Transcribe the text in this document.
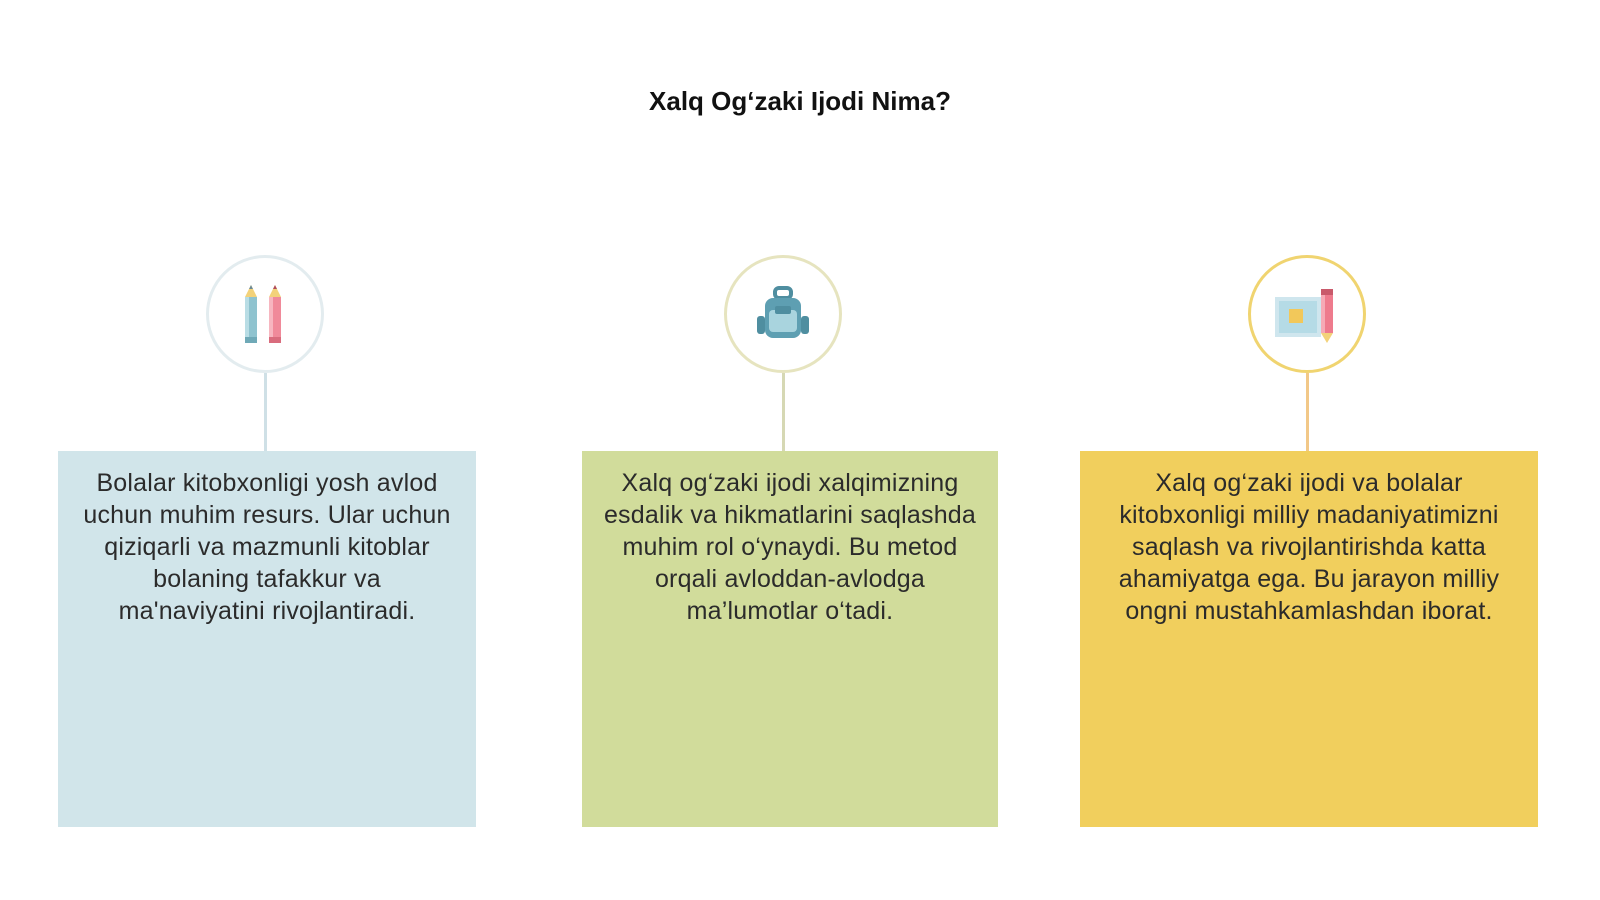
Xalq Og‘zaki Ijodi Nima?
Bolalar kitobxonligi yosh avlod uchun muhim resurs. Ular uchun qiziqarli va mazmunli kitoblar bolaning tafakkur va ma'naviyatini rivojlantiradi.
Xalq og‘zaki ijodi xalqimizning esdalik va hikmatlarini saqlashda muhim rol o‘ynaydi. Bu metod orqali avloddan-avlodga ma’lumotlar o‘tadi.
Xalq og‘zaki ijodi va bolalar kitobxonligi milliy madaniyatimizni saqlash va rivojlantirishda katta ahamiyatga ega. Bu jarayon milliy ongni mustahkamlashdan iborat.
